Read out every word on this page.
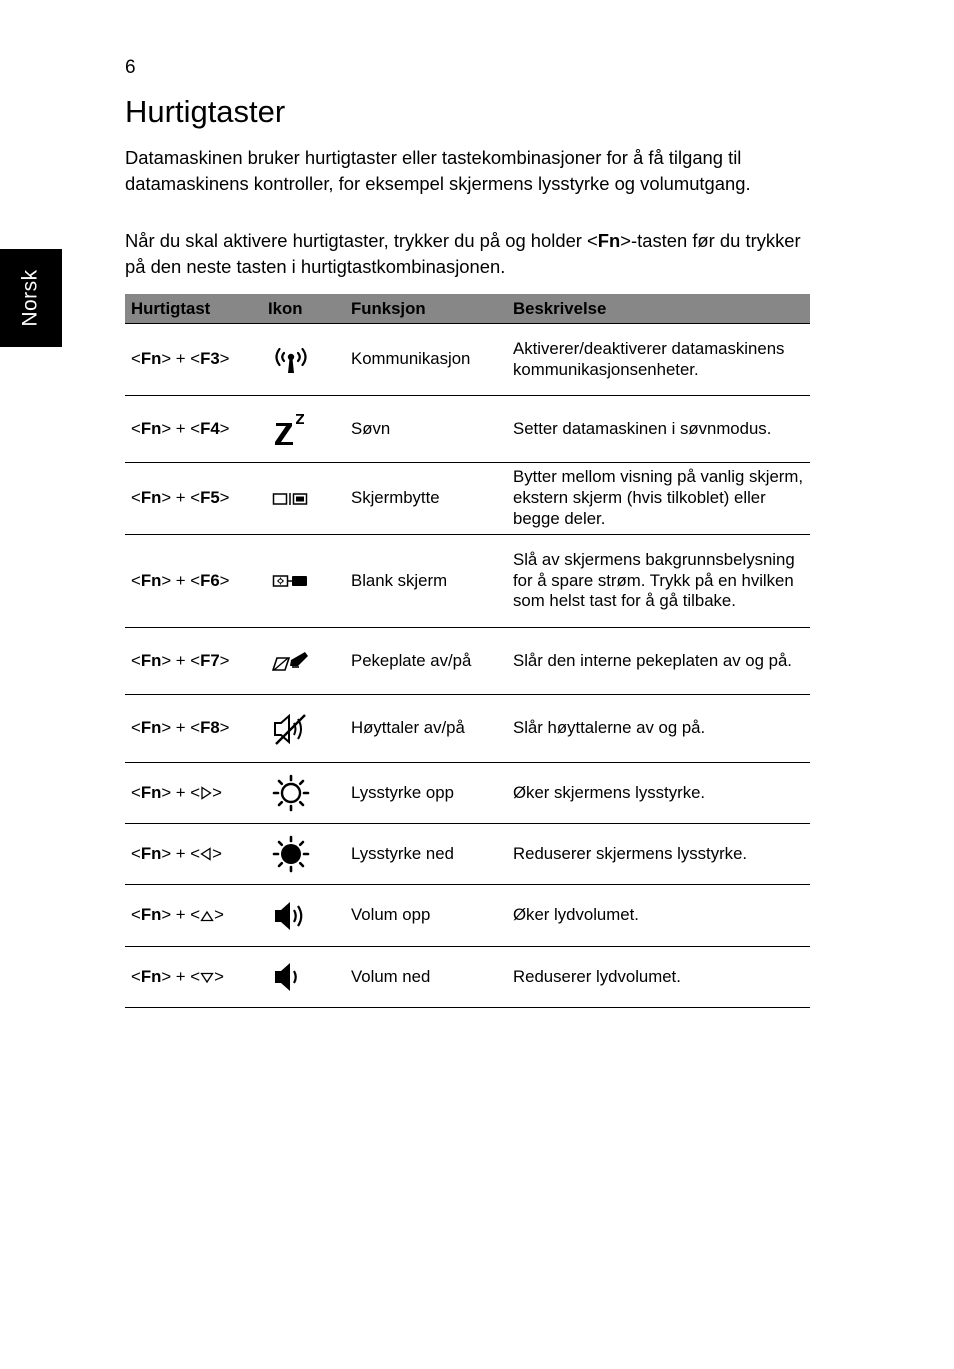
6
Norsk
Hurtigtaster

Datamaskinen bruker hurtigtaster eller tastekombinasjoner for å få tilgang til datamaskinens kontroller, for eksempel skjermens lysstyrke og volumutgang.

Når du skal aktivere hurtigtaster, trykker du på og holder <Fn>-tasten før du trykker på den neste tasten i hurtigtastkombinasjonen.

Hurtigtast	Ikon	Funksjon	Beskrivelse
<Fn> + <F3>		Kommunikasjon	Aktiverer/deaktiverer datamaskinens kommunikasjonsenheter.
<Fn> + <F4>		Søvn	Setter datamaskinen i søvnmodus.
<Fn> + <F5>		Skjermbytte	Bytter mellom visning på vanlig skjerm, ekstern skjerm (hvis tilkoblet) eller begge deler.
<Fn> + <F6>		Blank skjerm	Slå av skjermens bakgrunnsbelysning for å spare strøm. Trykk på en hvilken som helst tast for å gå tilbake.
<Fn> + <F7>		Pekeplate av/på	Slår den interne pekeplaten av og på.
<Fn> + <F8>		Høyttaler av/på	Slår høyttalerne av og på.
<Fn> + < >		Lysstyrke opp	Øker skjermens lysstyrke.
<Fn> + < >		Lysstyrke ned	Reduserer skjermens lysstyrke.
<Fn> + < >		Volum opp	Øker lydvolumet.
<Fn> + < >		Volum ned	Reduserer lydvolumet.
